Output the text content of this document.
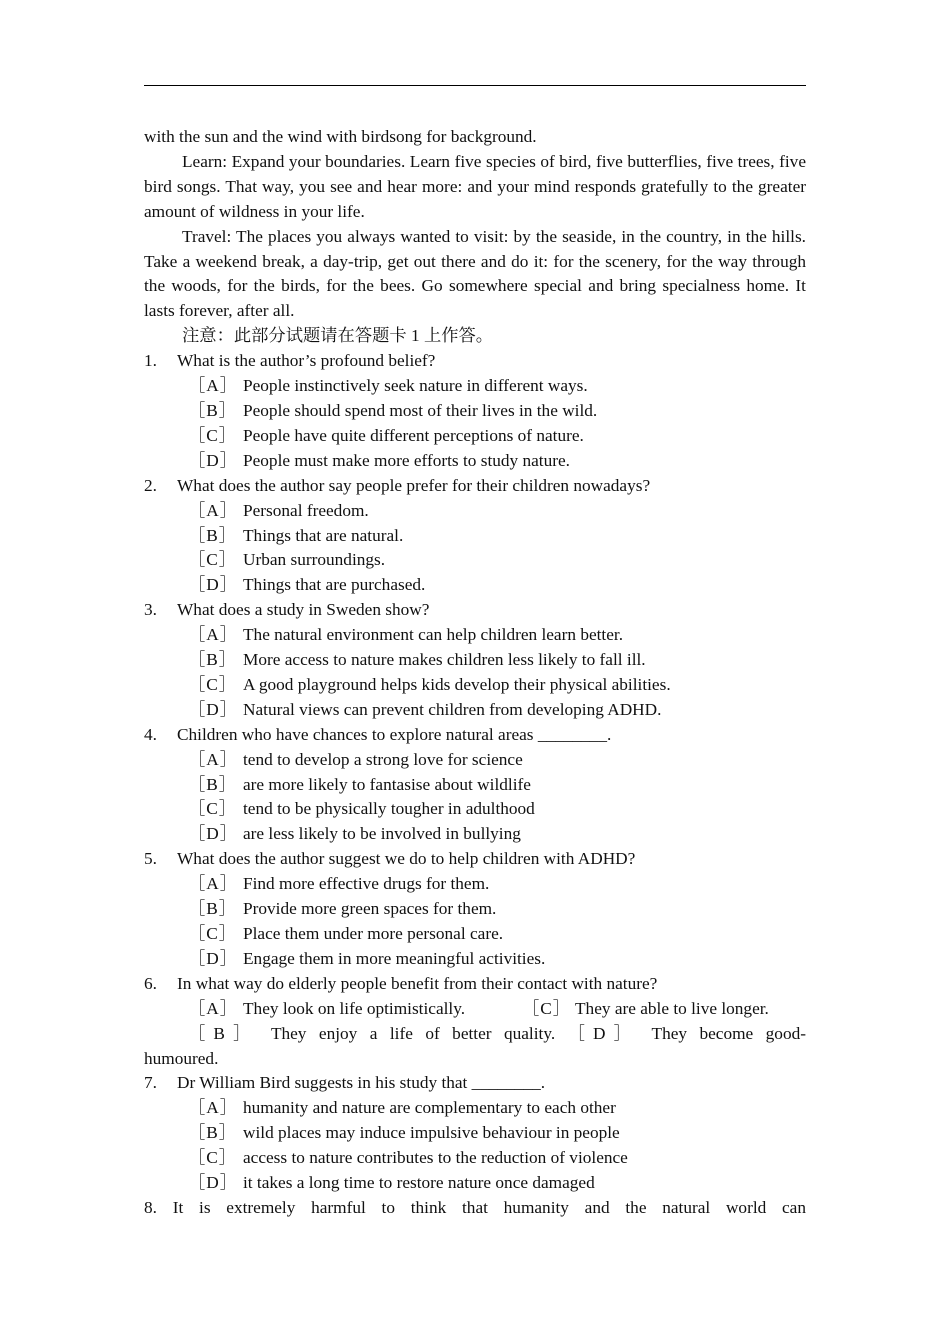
with the sun and the wind with birdsong for background.

Learn: Expand your boundaries. Learn five species of bird, five butterflies, five trees, five bird songs. That way, you see and hear more: and your mind responds gratefully to the greater amount of wildness in your life.

Travel: The places you always wanted to visit: by the seaside, in the country, in the hills. Take a weekend break, a day-trip, get out there and do it: for the scenery, for the way through the woods, for the birds, for the bees. Go somewhere special and bring specialness home. It lasts forever, after all.

注意：此部分试题请在答题卡 1 上作答。

1. What is the author’s profound belief?

［A］ People instinctively seek nature in different ways.

［B］ People should spend most of their lives in the wild.

［C］ People have quite different perceptions of nature.

［D］ People must make more efforts to study nature.

2. What does the author say people prefer for their children nowadays?

［A］ Personal freedom.

［B］ Things that are natural.

［C］ Urban surroundings.

［D］ Things that are purchased.

3. What does a study in Sweden show?

［A］ The natural environment can help children learn better.

［B］ More access to nature makes children less likely to fall ill.

［C］ A good playground helps kids develop their physical abilities.

［D］ Natural views can prevent children from developing ADHD.

4. Children who have chances to explore natural areas ________.

［A］ tend to develop a strong love for science

［B］ are more likely to fantasise about wildlife

［C］ tend to be physically tougher in adulthood

［D］ are less likely to be involved in bullying

5. What does the author suggest we do to help children with ADHD?

［A］ Find more effective drugs for them.

［B］ Provide more green spaces for them.

［C］ Place them under more personal care.

［D］ Engage them in more meaningful activities.

6. In what way do elderly people benefit from their contact with nature?

［A］ They look on life optimistically.	［C］ They are able to live longer.

［B］ They enjoy a life of better quality. ［D］ They become good-

humoured.

7. Dr William Bird suggests in his study that ________.

［A］ humanity and nature are complementary to each other

［B］ wild places may induce impulsive behaviour in people

［C］ access to nature contributes to the reduction of violence

［D］ it takes a long time to restore nature once damaged

8. It is extremely harmful to think that humanity and the natural world can
